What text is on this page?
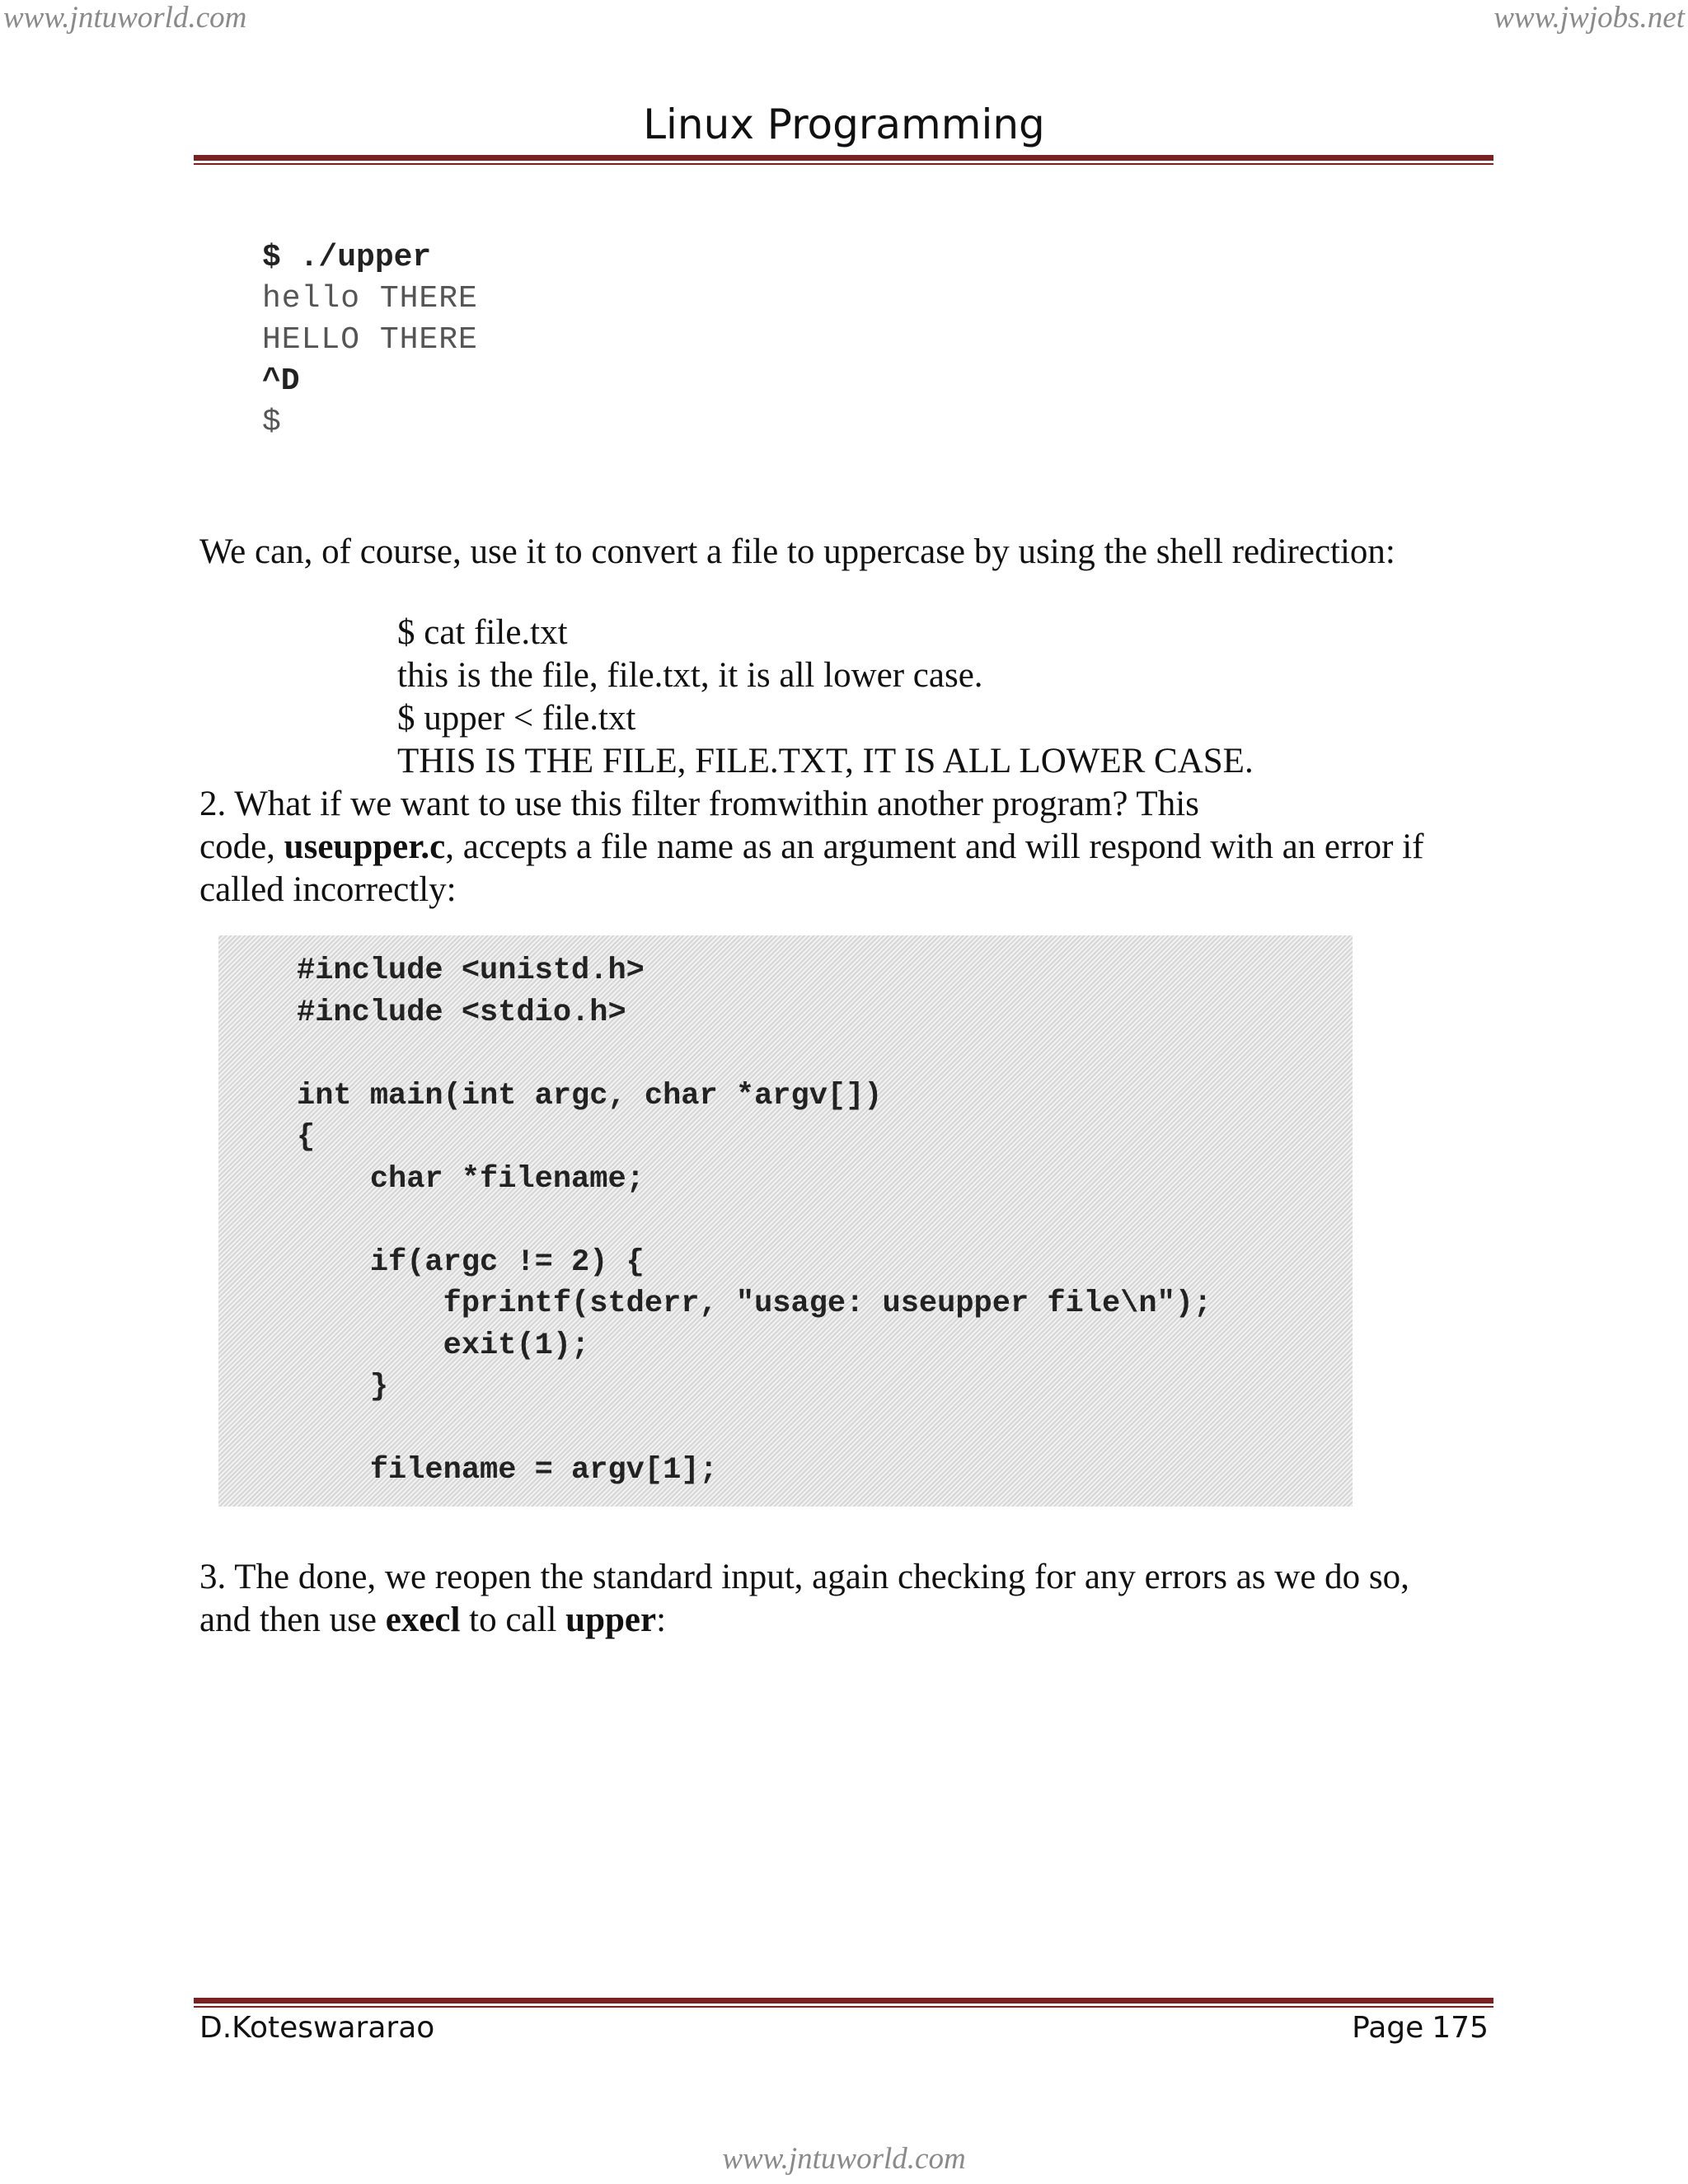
www.jntuworld.com	www.jwjobs.net
Linux Programming
$ ./upper
hello THERE
HELLO THERE
^D
$
We can, of course, use it to convert a file to uppercase by using the shell redirection:
$ cat file.txt
this is the file, file.txt, it is all lower case.
$ upper < file.txt
THIS IS THE FILE, FILE.TXT, IT IS ALL LOWER CASE.
2. What if we want to use this filter fromwithin another program? This
code, useupper.c, accepts a file name as an argument and will respond with an error if
called incorrectly:
#include <unistd.h>
#include <stdio.h>

int main(int argc, char *argv[])
{
char *filename;

if(argc != 2) {
fprintf(stderr, "usage: useupper file\n");
exit(1);
}

filename = argv[1];
3. The done, we reopen the standard input, again checking for any errors as we do so,
and then use execl to call upper:
D.Koteswararao	Page 175
www.jntuworld.com
